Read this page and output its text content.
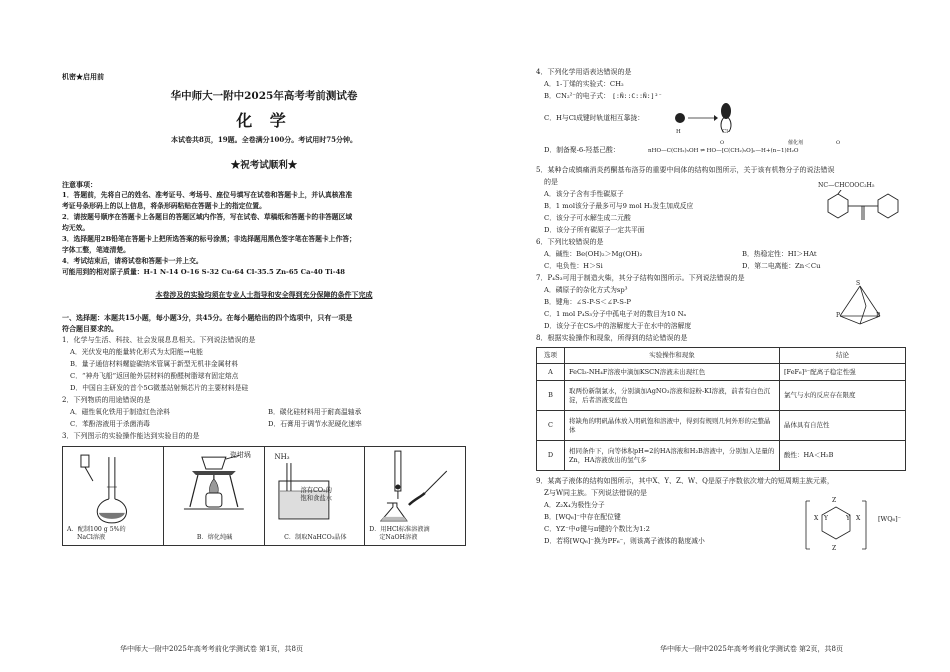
机密★启用前
华中师大一附中2025年高考考前测试卷
化 学
本试卷共8页，19题。全卷满分100分。考试用时75分钟。
★祝考试顺利★
注意事项：
1．答题前，先将自己的姓名、准考证号、考场号、座位号填写在试卷和答题卡上，并认真核准准
考证号条形码上的以上信息，将条形码粘贴在答题卡上的指定位置。
2．请按题号顺序在答题卡上各题目的答题区域内作答，写在试卷、草稿纸和答题卡的非答题区域
均无效。
3．选择题用2B铅笔在答题卡上把所选答案的标号涂黑；非选择题用黑色签字笔在答题卡上作答；
字体工整，笔迹清楚。
4．考试结束后，请将试卷和答题卡一并上交。
可能用到的相对原子质量：H-1 N-14 O-16 S-32 Cu-64 Cl-35.5 Zn-65 Ca-40 Ti-48
本卷涉及的实验均须在专业人士指导和安全得到充分保障的条件下完成
一、选择题：本题共15小题，每小题3分，共45分。在每小题给出的四个选项中，只有一项是
符合题目要求的。
1．化学与生活、科技、社会发展息息相关。下列说法错误的是
A．光伏发电的能量转化形式为太阳能→电能
B．量子通信材料螺旋碳纳米管属于新型无机非金属材料
C．“神舟飞船”返回舱外层材料的酚醛树脂球有固定熔点
D．中国自主研发的首个5G微基站射频芯片的主要材料是硅
2．下列物质的用途错误的是
A．磁性氧化铁用于制造红色涂料	B．碳化硅材料用于耐高温轴承
C．苯酚溶液用于杀菌消毒	D．石膏用于调节水泥硬化速率
3．下列图示的实验操作能达到实验目的的是
A．配制100 g 5%的
NaCl溶液
瓷坩埚
B．熔化纯碱
NH₃
溶有CO₂的
饱和食盐水
C．制取NaHCO₃晶体
D．用HCl标准溶液滴
定NaOH溶液
华中师大一附中2025年高考考前化学测试卷 第1页，共8页
4．下列化学用语表达错误的是
A．1-丁烯的实验式：CH₂
B．CN₂²⁻的电子式： [:N̈::C::N̈:]²⁻
C．H与Cl成键时轨道相互靠拢：
H	Cl
D．制备聚-6-羟基己酸：
O	催化剂	O
nHO—C(CH₂)₅OH ⇌ HO—[C(CH₂)₅O]ₙ—H+(n−1)H₂O
5．某种合成镇痛消炎药酮基布洛芬的重要中间体的结构如图所示，关于该有机物分子的说法错误
的是
A．该分子含有手性碳原子
B．1 mol该分子最多可与9 mol H₂发生加成反应
C．该分子可水解生成二元酸
D．该分子所有碳原子一定共平面
NC—CHCOOC₂H₅
6．下列比较错误的是
A．碱性：Be(OH)₂＞Mg(OH)₂	B．热稳定性：HI＞HAt
C．电负性：H＞Si	D．第二电离能：Zn＜Cu
7．P₄S₃可用于制造火柴，其分子结构如图所示。下列说法错误的是
A．磷原子的杂化方式为sp³
B．键角：∠S-P-S＜∠P-S-P
C．1 mol P₄S₃分子中孤电子对的数目为10 Nₐ
D．该分子在CS₂中的溶解度大于在水中的溶解度
S
P	P
8．根据实验操作和现象，所得到的结论错误的是
选项	实验操作和现象	结论
A	FeCl₃-NH₄F溶液中滴加KSCN溶液未出现红色	[FeF₆]³⁻配离子稳定性强
B	取两份新制氯水，分别滴加AgNO₃溶液和淀粉-KI溶液，前者有白色沉淀，后者溶液变蓝色	氯气与水的反应存在限度
C	将缺角的明矾晶体放入明矾饱和溶液中，得到有规则几何外形的完整晶体	晶体具有自范性
D	相同条件下，向等体积pH=2的HA溶液和H₂B溶液中，分别加入足量的Zn，HA溶液放出的氢气多	酸性：HA＜H₂B
9．某离子液体的结构如图所示，其中X、Y、Z、W、Q是原子序数依次增大的短周期主族元素，
Z与W同主族。下列说法错误的是
A．Z₂X₄为极性分子
B．[WQ₆]⁻中存在配位键
C．YZ⁻中σ键与π键的个数比为1:2
D．若将[WQ₆]⁻换为PF₆⁻，则该离子液体的黏度减小
Z
X Y	Y X
Z
[WQ₆]⁻
华中师大一附中2025年高考考前化学测试卷 第2页，共8页
